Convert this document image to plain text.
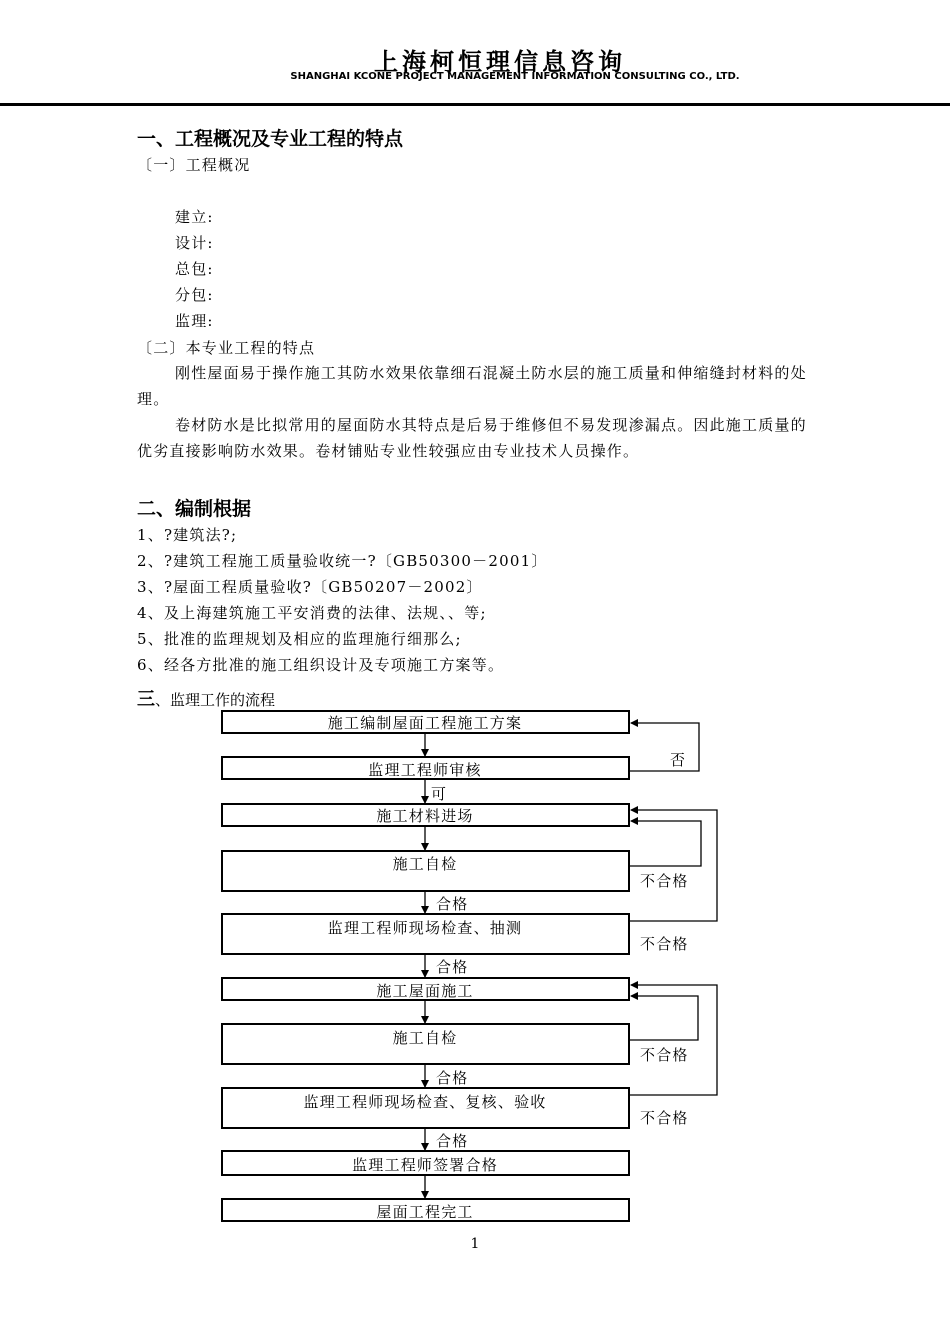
上海柯恒理信息咨询
SHANGHAI KCONE PROJECT MANAGEMENT INFORMATION CONSULTING CO., LTD.
一、工程概况及专业工程的特点
〔一〕工程概况
建立:
设计:
总包:
分包:
监理:
〔二〕本专业工程的特点
刚性屋面易于操作施工其防水效果依靠细石混凝土防水层的施工质量和伸缩缝封材料的处理。
卷材防水是比拟常用的屋面防水其特点是后易于维修但不易发现渗漏点。因此施工质量的优劣直接影响防水效果。卷材铺贴专业性较强应由专业技术人员操作。
二、编制根据
1、?建筑法?;
2、?建筑工程施工质量验收统一?〔GB50300－2001〕
3、?屋面工程质量验收?〔GB50207－2002〕
4、及上海建筑施工平安消费的法律、法规、、等;
5、批准的监理规划及相应的监理施行细那么;
6、经各方批准的施工组织设计及专项施工方案等。
三、监理工作的流程
施工编制屋面工程施工方案
监理工程师审核
施工材料进场
施工自检
监理工程师现场检查、抽测
施工屋面施工
施工自检
监理工程师现场检查、复核、验收
监理工程师签署合格
屋面工程完工
否
可
合格
合格
合格
合格
不合格
不合格
不合格
不合格
1
